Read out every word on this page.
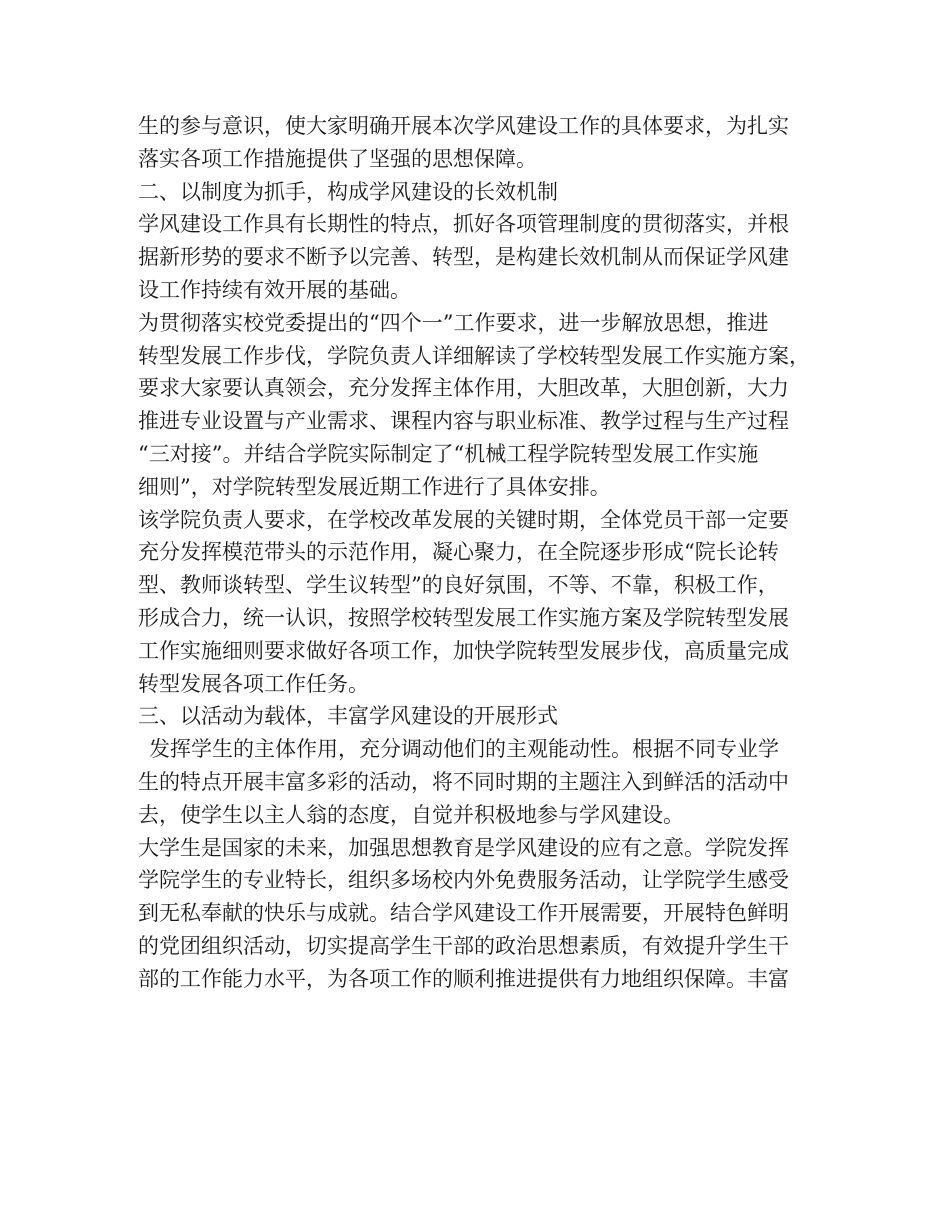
生的参与意识，使大家明确开展本次学风建设工作的具体要求，为扎实
落实各项工作措施提供了坚强的思想保障。
二、以制度为抓手，构成学风建设的长效机制
学风建设工作具有长期性的特点，抓好各项管理制度的贯彻落实，并根
据新形势的要求不断予以完善、转型，是构建长效机制从而保证学风建
设工作持续有效开展的基础。
为贯彻落实校党委提出的“四个一”工作要求，进一步解放思想，推进
转型发展工作步伐，学院负责人详细解读了学校转型发展工作实施方案，
要求大家要认真领会，充分发挥主体作用，大胆改革，大胆创新，大力
推进专业设置与产业需求、课程内容与职业标准、教学过程与生产过程
“三对接”。并结合学院实际制定了“机械工程学院转型发展工作实施
细则”，对学院转型发展近期工作进行了具体安排。
该学院负责人要求，在学校改革发展的关键时期，全体党员干部一定要
充分发挥模范带头的示范作用，凝心聚力，在全院逐步形成“院长论转
型、教师谈转型、学生议转型”的良好氛围，不等、不靠，积极工作，
形成合力，统一认识，按照学校转型发展工作实施方案及学院转型发展
工作实施细则要求做好各项工作，加快学院转型发展步伐，高质量完成
转型发展各项工作任务。
三、以活动为载体，丰富学风建设的开展形式
发挥学生的主体作用，充分调动他们的主观能动性。根据不同专业学
生的特点开展丰富多彩的活动，将不同时期的主题注入到鲜活的活动中
去，使学生以主人翁的态度，自觉并积极地参与学风建设。
大学生是国家的未来，加强思想教育是学风建设的应有之意。学院发挥
学院学生的专业特长，组织多场校内外免费服务活动，让学院学生感受
到无私奉献的快乐与成就。结合学风建设工作开展需要，开展特色鲜明
的党团组织活动，切实提高学生干部的政治思想素质，有效提升学生干
部的工作能力水平，为各项工作的顺利推进提供有力地组织保障。丰富
